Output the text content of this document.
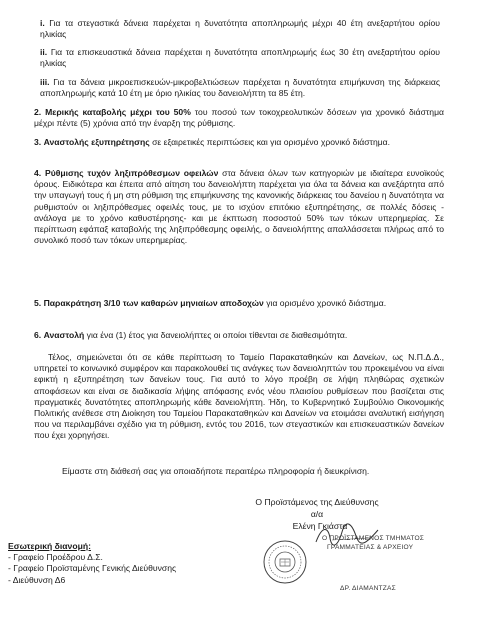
i. Για τα στεγαστικά δάνεια παρέχεται η δυνατότητα αποπληρωμής μέχρι 40 έτη ανεξαρτήτου ορίου ηλικίας

ii. Για τα επισκευαστικά δάνεια παρέχεται η δυνατότητα αποπληρωμής έως 30 έτη ανεξαρτήτου ορίου ηλικίας

iii. Για τα δάνεια μικροεπισκευών-μικροβελτιώσεων παρέχεται η δυνατότητα επιμήκυνση της διάρκειας αποπληρωμής κατά 10 έτη με όριο ηλικίας του δανειολήπτη τα 85 έτη.

2. Μερικής καταβολής μέχρι του 50% του ποσού των τοκοχρεολυτικών δόσεων για χρονικό διάστημα μέχρι πέντε (5) χρόνια από την έναρξη της ρύθμισης.

3. Αναστολής εξυπηρέτησης σε εξαιρετικές περιπτώσεις και για ορισμένο χρονικό διάστημα.

4. Ρύθμισης τυχόν ληξιπρόθεσμων οφειλών στα δάνεια όλων των κατηγοριών με ιδιαίτερα ευνοϊκούς όρους. Ειδικότερα και έπειτα από αίτηση του δανειολήπτη παρέχεται για όλα τα δάνεια και ανεξάρτητα από την υπαγωγή τους ή μη στη ρύθμιση της επιμήκυνσης της κανονικής διάρκειας του δανείου η δυνατότητα να ρυθμιστούν οι ληξιπρόθεσμες οφειλές τους, με το ισχύον επιτόκιο εξυπηρέτησης, σε πολλές δόσεις - ανάλογα με το χρόνο καθυστέρησης- και με έκπτωση ποσοστού 50% των τόκων υπερημερίας. Σε περίπτωση εφάπαξ καταβολής της ληξιπρόθεσμης οφειλής, ο δανειολήπτης απαλλάσσεται πλήρως από το συνολικό ποσό των τόκων υπερημερίας.

5. Παρακράτηση 3/10 των καθαρών μηνιαίων αποδοχών για ορισμένο χρονικό διάστημα.

6. Αναστολή για ένα (1) έτος για δανειολήπτες οι οποίοι τίθενται σε διαθεσιμότητα.

Τέλος, σημειώνεται ότι σε κάθε περίπτωση το Ταμείο Παρακαταθηκών και Δανείων, ως Ν.Π.Δ.Δ., υπηρετεί το κοινωνικό συμφέρον και παρακολουθεί τις ανάγκες των δανειοληπτών του προκειμένου να είναι εφικτή η εξυπηρέτηση των δανείων τους. Για αυτό το λόγο προέβη σε λήψη πληθώρας σχετικών αποφάσεων και είναι σε διαδικασία λήψης απόφασης ενός νέου πλαισίου ρυθμίσεων που βασίζεται στις πραγματικές δυνατότητες αποπληρωμής κάθε δανειολήπτη. Ήδη, το Κυβερνητικό Συμβούλιο Οικονομικής Πολιτικής ανέθεσε στη Διοίκηση του Ταμείου Παρακαταθηκών και Δανείων να ετοιμάσει αναλυτική εισήγηση που να περιλαμβάνει σχέδιο για τη ρύθμιση, εντός του 2016, των στεγαστικών και επισκευαστικών δανείων που έχει χορηγήσει.

Είμαστε στη διάθεσή σας για οποιαδήποτε περαιτέρω πληροφορία ή διευκρίνιση.

Ο Προϊστάμενος της Διεύθυνσης

α/α

Ελένη Γκιάστα

Ο ΠΡΟΪΣΤΑΜΕΝΟΣ ΤΜΗΜΑΤΟΣ
ΓΡΑΜΜΑΤΕΙΑΣ & ΑΡΧΕΙΟΥ
ΔΡ. ΔΙΑΜΑΝΤΖΑΣ

Εσωτερική διανομή:

- Γραφείο Προέδρου Δ.Σ.

- Γραφείο Προϊσταμένης Γενικής Διεύθυνσης

- Διεύθυνση Δ6
